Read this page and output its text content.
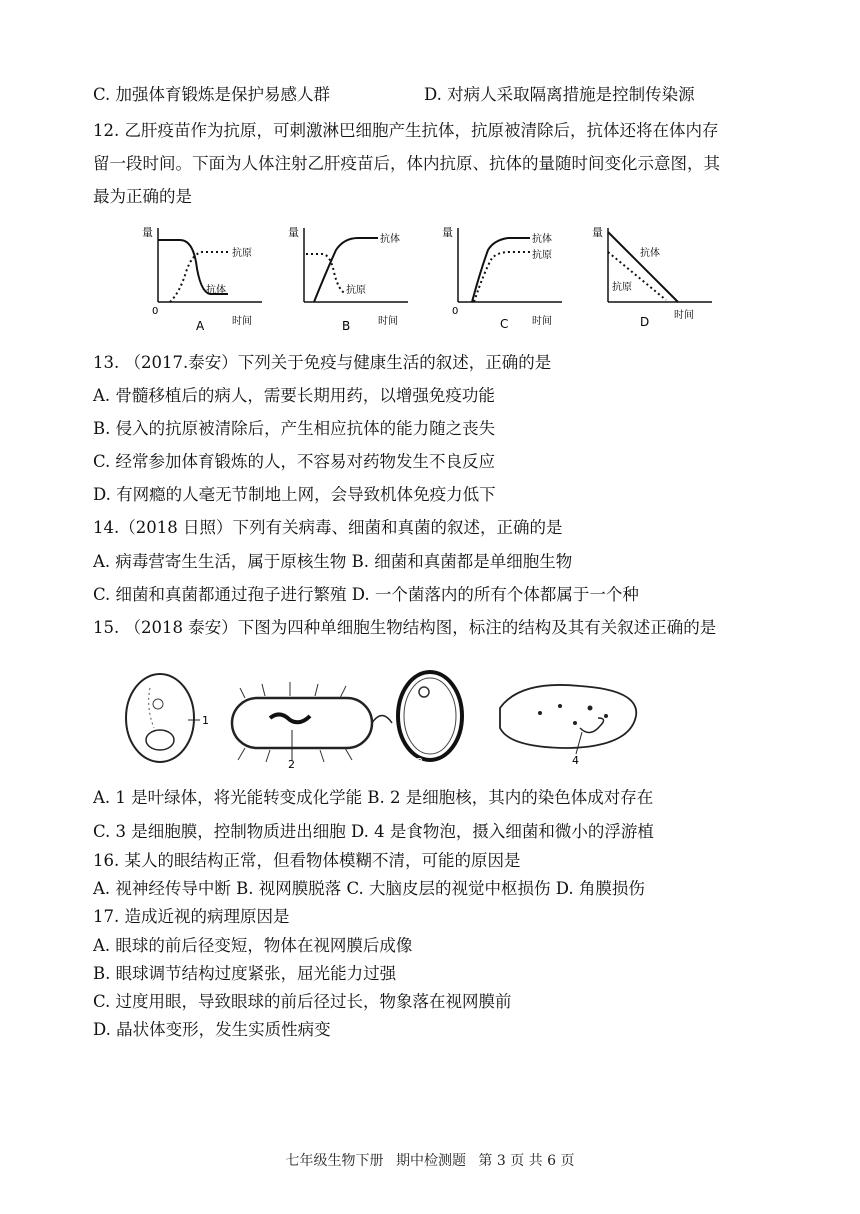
C. 加强体育锻炼是保护易感人群	D. 对病人采取隔离措施是控制传染源
12. 乙肝疫苗作为抗原，可刺激淋巴细胞产生抗体，抗原被清除后，抗体还将在体内存
留一段时间。下面为人体注射乙肝疫苗后，体内抗原、抗体的量随时间变化示意图，其
最为正确的是
量
0
抗原
抗体
A	时间
量
抗体
抗原
B	时间
量
0
抗体
抗原
C 时间
量
抗体
抗原
D 时间
13. （2017.泰安）下列关于免疫与健康生活的叙述，正确的是
A. 骨髓移植后的病人，需要长期用药，以增强免疫功能
B. 侵入的抗原被清除后，产生相应抗体的能力随之丧失
C. 经常参加体育锻炼的人，不容易对药物发生不良反应
D. 有网瘾的人毫无节制地上网，会导致机体免疫力低下
14.（2018 日照）下列有关病毒、细菌和真菌的叙述，正确的是
A. 病毒营寄生生活，属于原核生物 B. 细菌和真菌都是单细胞生物
C. 细菌和真菌都通过孢子进行繁殖 D. 一个菌落内的所有个体都属于一个种
15. （2018 泰安）下图为四种单细胞生物结构图，标注的结构及其有关叙述正确的是
1
2	3	4
A. 1 是叶绿体，将光能转变成化学能 B. 2 是细胞核，其内的染色体成对存在
C. 3 是细胞膜，控制物质进出细胞 D. 4 是食物泡，摄入细菌和微小的浮游植
16. 某人的眼结构正常，但看物体模糊不清，可能的原因是
A. 视神经传导中断 B. 视网膜脱落 C. 大脑皮层的视觉中枢损伤 D. 角膜损伤
17. 造成近视的病理原因是
A. 眼球的前后径变短，物体在视网膜后成像
B. 眼球调节结构过度紧张，屈光能力过强
C. 过度用眼，导致眼球的前后径过长，物象落在视网膜前
D. 晶状体变形，发生实质性病变
七年级生物下册 期中检测题 第 3 页 共 6 页
